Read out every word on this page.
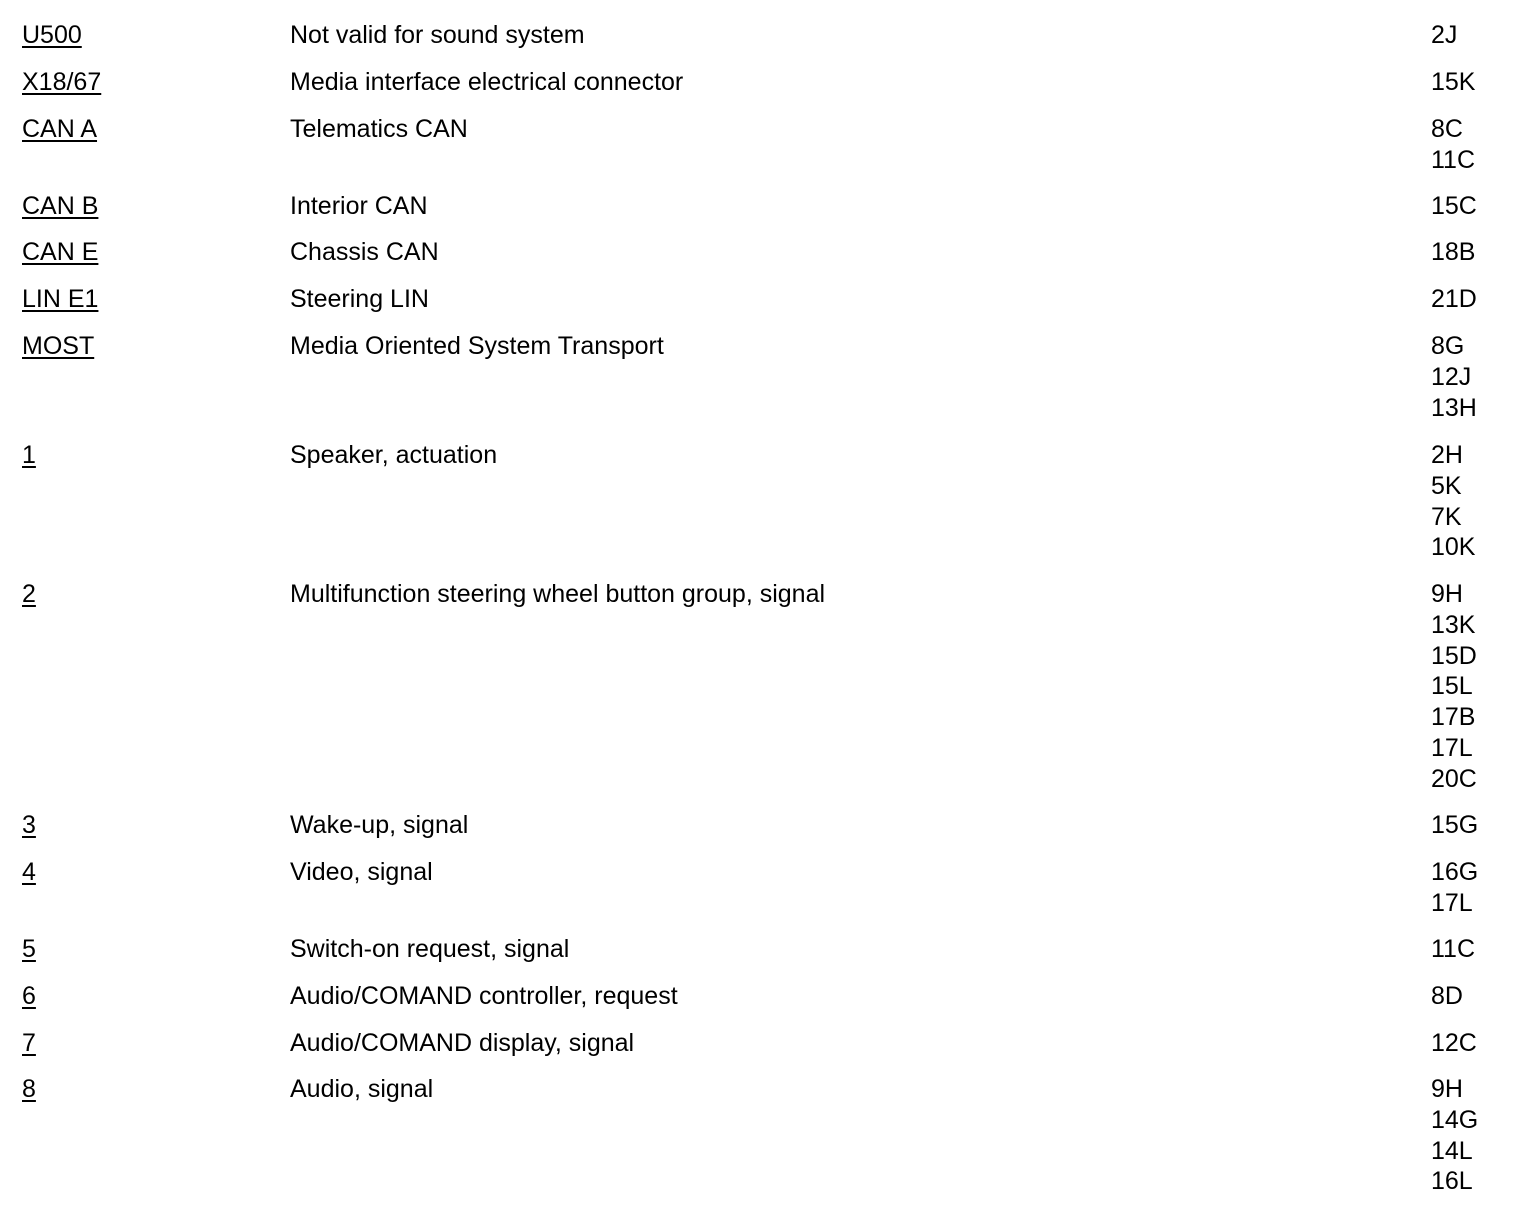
U500	Not valid for sound system	2J
X18/67	Media interface electrical connector	15K
CAN A	Telematics CAN	8C
11C
CAN B	Interior CAN	15C
CAN E	Chassis CAN	18B
LIN E1	Steering LIN	21D
MOST	Media Oriented System Transport	8G
12J
13H
1	Speaker, actuation	2H
5K
7K
10K
2	Multifunction steering wheel button group, signal	9H
13K
15D
15L
17B
17L
20C
3	Wake-up, signal	15G
4	Video, signal	16G
17L
5	Switch-on request, signal	11C
6	Audio/COMAND controller, request	8D
7	Audio/COMAND display, signal	12C
8	Audio, signal	9H
14G
14L
16L
